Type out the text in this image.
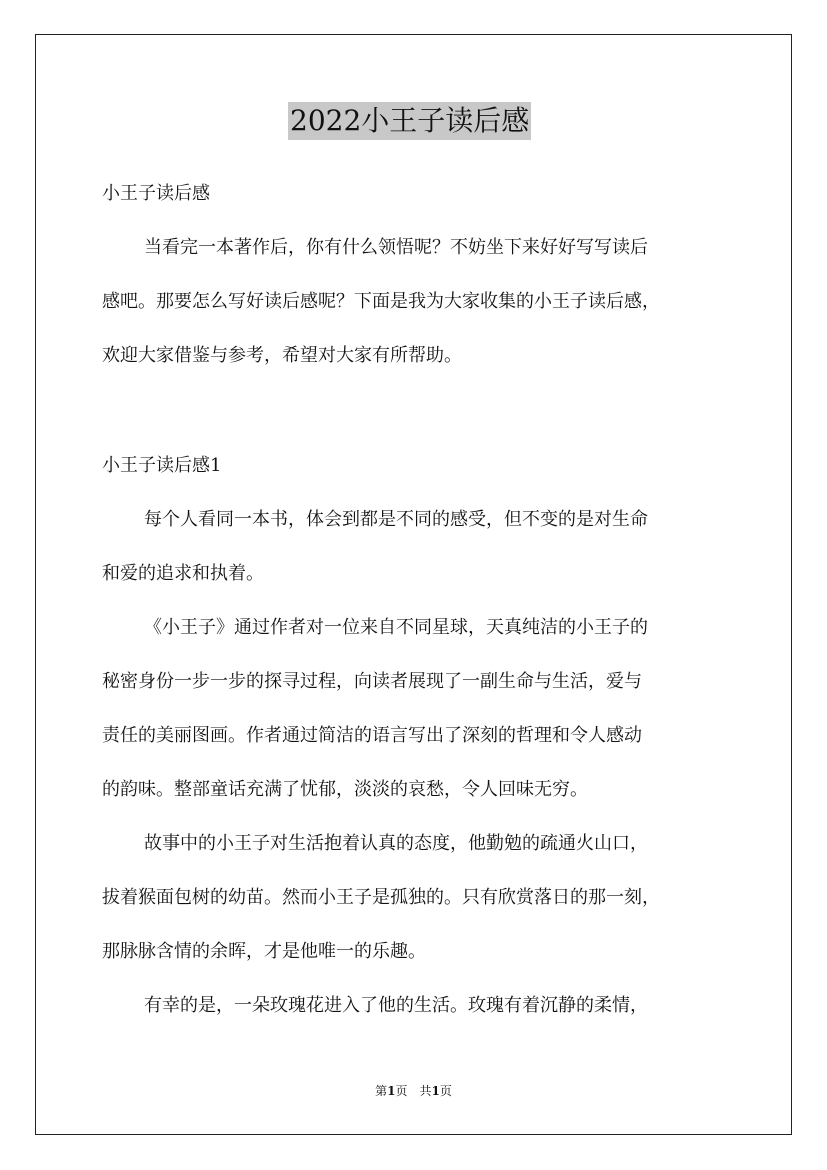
2022小王子读后感
小王子读后感
当看完一本著作后，你有什么领悟呢？不妨坐下来好好写写读后
感吧。那要怎么写好读后感呢？下面是我为大家收集的小王子读后感，
欢迎大家借鉴与参考，希望对大家有所帮助。
小王子读后感1
每个人看同一本书，体会到都是不同的感受，但不变的是对生命
和爱的追求和执着。
《小王子》通过作者对一位来自不同星球，天真纯洁的小王子的
秘密身份一步一步的探寻过程，向读者展现了一副生命与生活，爱与
责任的美丽图画。作者通过简洁的语言写出了深刻的哲理和令人感动
的韵味。整部童话充满了忧郁，淡淡的哀愁，令人回味无穷。
故事中的小王子对生活抱着认真的态度，他勤勉的疏通火山口，
拔着猴面包树的幼苗。然而小王子是孤独的。只有欣赏落日的那一刻，
那脉脉含情的余晖，才是他唯一的乐趣。
有幸的是，一朵玫瑰花进入了他的生活。玫瑰有着沉静的柔情，
第1页　共1页
